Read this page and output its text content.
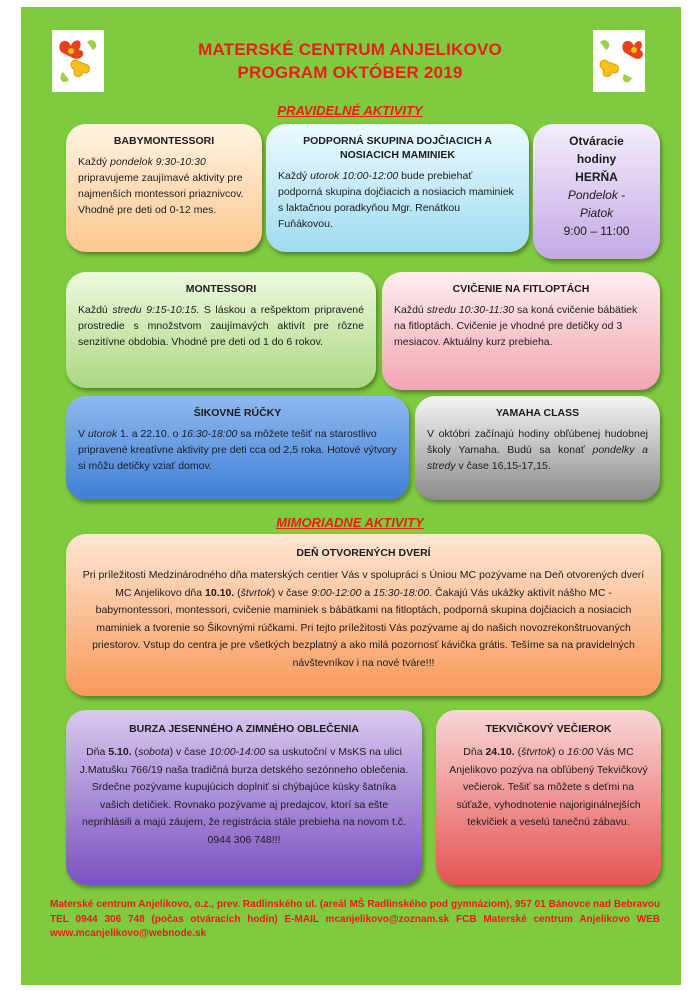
MATERSKÉ CENTRUM ANJELIKOVO
PROGRAM OKTÓBER 2019
PRAVIDELNÉ AKTIVITY
BABYMONTESSORI

Každý pondelok 9:30-10:30 pripravujeme zaujímavé aktivity pre najmenších montessori priaznivcov. Vhodné pre deti od 0-12 mes.

PODPORNÁ SKUPINA DOJČIACICH A NOSIACICH MAMINIEK

Každý utorok 10:00-12:00 bude prebiehať podporná skupina dojčiacich a nosiacich maminiek s laktačnou poradkyňou Mgr. Renátkou Fuňákovou.

Otváracie
hodiny
HERŇA
Pondelok - Piatok
9:00 – 11:00
MONTESSORI

Každú stredu 9:15-10:15. S láskou a rešpektom pripravené prostredie s množstvom zaujímavých aktivít pre rôzne senzitívne obdobia. Vhodné pre deti od 1 do 6 rokov.

CVIČENIE NA FITLOPTÁCH

Každú stredu 10:30-11:30 sa koná cvičenie bábätiek na fitloptách. Cvičenie je vhodné pre detičky od 3 mesiacov. Aktuálny kurz prebieha.

ŠIKOVNÉ RÚČKY

V utorok 1. a 22.10. o 16:30-18:00 sa môžete tešiť na starostlivo pripravené kreatívne aktivity pre deti cca od 2,5 roka. Hotové výtvory si môžu detičky vziať domov.

YAMAHA CLASS

V októbri začínajú hodiny obľúbenej hudobnej školy Yamaha. Budú sa konať pondelky a stredy v čase 16,15-17,15.

MIMORIADNE AKTIVITY
DEŇ OTVORENÝCH DVERÍ

Pri príležitosti Medzinárodného dňa materských centier Vás v spolupráci s Úniou MC pozývame na Deň otvorených dverí MC Anjelikovo dňa 10.10. (štvrtok) v čase 9:00-12:00 a 15:30-18:00. Čakajú Vás ukážky aktivít nášho MC - babymontessori, montessori, cvičenie maminiek s bábätkami na fitloptách, podporná skupina dojčiacich a nosiacich maminiek a tvorenie so Šikovnými rúčkami. Pri tejto príležitosti Vás pozývame aj do našich novozrekonštruovaných priestorov. Vstup do centra je pre všetkých bezplatný a ako milá pozornosť kávička grátis. Tešíme sa na pravidelných návštevníkov i na nové tváre!!!

BURZA JESENNÉHO A ZIMNÉHO OBLEČENIA

Dňa 5.10. (sobota) v čase 10:00-14:00 sa uskutoční v MsKS na ulici J.Matušku 766/19 naša tradičná burza detského sezónneho oblečenia. Srdečne pozývame kupujúcich doplniť si chýbajúce kúsky šatníka vašich detičiek. Rovnako pozývame aj predajcov, ktorí sa ešte neprihlásili a majú záujem, že registrácia stále prebieha na novom t.č. 0944 306 748!!!

TEKVIČKOVÝ VEČIEROK

Dňa 24.10. (štvrtok) o 16:00 Vás MC Anjelikovo pozýva na obľúbený Tekvičkový večierok. Tešiť sa môžete s deťmi na súťaže, vyhodnotenie najoriginálnejších tekvičiek a veselú tanečnú zábavu.

Materské centrum Anjelikovo, o.z., prev. Radlinského ul. (areál MŠ Radlinského pod gymnáziom), 957 01 Bánovce nad Bebravou TEL 0944 306 748 (počas otváracích hodín) E-MAIL mcanjelikovo@zoznam.sk FCB Materské centrum Anjelikovo WEB www.mcanjelikovo@webnode.sk
